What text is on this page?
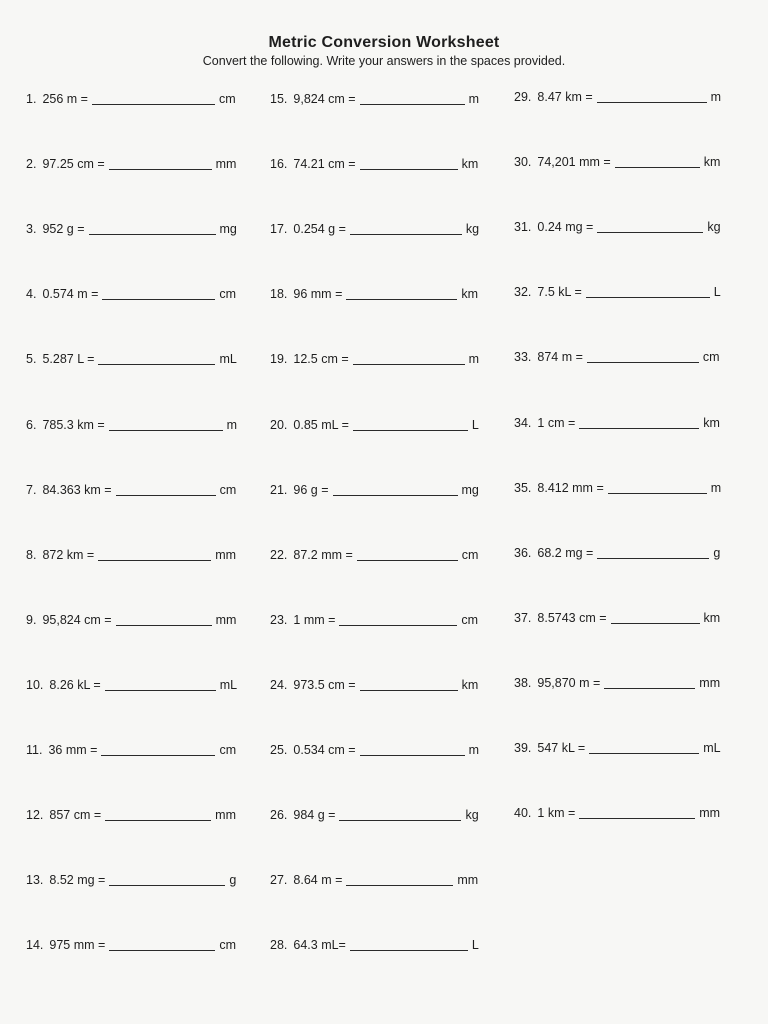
Metric Conversion Worksheet
Convert the following. Write your answers in the spaces provided.
1. 256 m =	cm
2. 97.25 cm =	mm
3. 952 g =	mg
4. 0.574 m =	cm
5. 5.287 L =	mL
6. 785.3 km =	m
7. 84.363 km =	cm
8. 872 km =	mm
9. 95,824 cm =	mm
10. 8.26 kL =	mL
11. 36 mm =	cm
12. 857 cm =	mm
13. 8.52 mg =	g
14. 975 mm =	cm
15. 9,824 cm =	m
16. 74.21 cm =	km
17. 0.254 g =	kg
18. 96 mm =	km
19. 12.5 cm =	m
20. 0.85 mL =	L
21. 96 g =	mg
22. 87.2 mm =	cm
23. 1 mm =	cm
24. 973.5 cm =	km
25. 0.534 cm =	m
26. 984 g =	kg
27. 8.64 m =	mm
28. 64.3 mL=	L
29. 8.47 km =	m
30. 74,201 mm =	km
31. 0.24 mg =	kg
32. 7.5 kL =	L
33. 874 m =	cm
34. 1 cm =	km
35. 8.412 mm =	m
36. 68.2 mg =	g
37. 8.5743 cm =	km
38. 95,870 m =	mm
39. 547 kL =	mL
40. 1 km =	mm
